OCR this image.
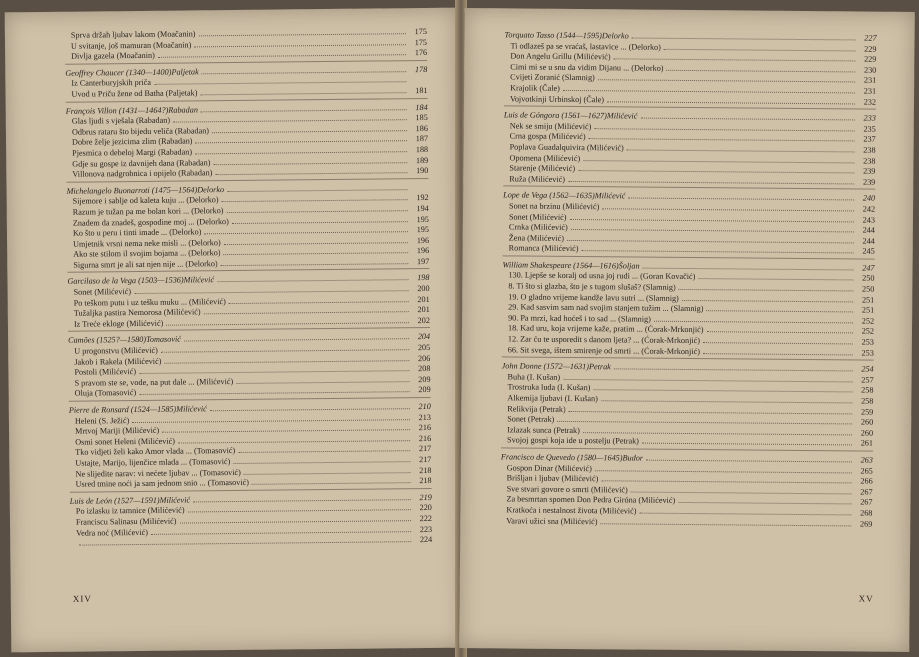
Sprva držah ljubav lakom (Moačanin)	175
U svitanje, još mamuran (Moačanin)	175
Divlja gazela (Moačanin)	176
Geoffrey Chaucer (1340—1400) Paljetak	178
Iz Canterburyjskih priča
Uvod u Priču žene od Batha (Paljetak)	181
François Villon (1431—1464?) Rabadan	184
Glas ljudi s vješala (Rabadan)	185
Odbrus rataru što bijedu veliča (Rabadan)	186
Dobre želje jezicima zlim (Rabadan)	187
Pjesmica o debeloj Margi (Rabadan)	188
Gdje su gospe iz davnijeh dana (Rabadan)	189
Villonova nadgrobnica i opijelo (Rabadan)	190
Michelangelo Buonarroti (1475—1564) Delorko
Sijemore i sablje od kaleta kuju ... (Delorko)	192
Razum je tužan pa me bolan kori ... (Delorko)	194
Znadem da znadeš, gospodine moj ... (Delorko)	195
Ko što u peru i tinti imade ... (Delorko)	195
Umjetnik vrsni nema neke misli ... (Delorko)	196
Ako ste stilom il svojim bojama ... (Delorko)	196
Sigurna smrt je ali sat njen nije ... (Delorko)	197
Garcilaso de la Vega (1503—1536) Milićević	198
Sonet (Milićević)	200
Po teškom putu i uz tešku muku ... (Milićević)	201
Tužaljka pastira Nemorosa (Milićević)	201
Iz Treće ekloge (Milićević)	202
Camões (1525?—1580) Tomasović	204
U progonstvu (Milićević)	205
Jakob i Rakela (Milićević)	206
Postoli (Milićević)	208
S pravom ste se, vode, na put dale ... (Milićević)	209
Oluja (Tomasović)	209
Pierre de Ronsard (1524—1585) Milićević	210
Heleni (S. Ježić)	213
Mrtvoj Mariji (Milićević)	216
Osmi sonet Heleni (Milićević)	216
Tko vidjeti želi kako Amor vlada ... (Tomasović)	217
Ustajte, Marijo, lijenčice mlada ... (Tomasović)	217
Ne slijedite narav: vi nećete ljubav ... (Tomasović)	218
Usred tmine noći ja sam jednom snio ... (Tomasović)	218
Luis de León (1527—1591) Milićević	219
Po izlasku iz tamnice (Milićević)	220
Franciscu Salinasu (Milićević)	222
Vedra noć (Milićević)	223
224
XIV
Torquato Tasso (1544—1595) Delorko	227
Ti odlazeš pa se vraćaš, lastavice ... (Delorko)	229
Don Angelu Grillu (Milićević)	229
Cimi mi se u snu da vidim Dijanu ... (Delorko)	230
Cvijeti Zoranić (Slamnig)	231
Krajolik (Čale)	231
Vojvotkinji Urbinskoj (Čale)	232
Luis de Góngora (1561—1627) Milićević	233
Nek se smiju (Milićević)	235
Crna gospa (Milićević)	237
Poplava Guadalquivira (Milićević)	238
Opomena (Milićević)	238
Starenje (Milićević)	239
Ruža (Milićević)	239
Lope de Vega (1562—1635) Milićević	240
Sonet na brzinu (Milićević)	242
Sonet (Milićević)	243
Crnka (Milićević)	244
Žena (Milićević)	244
Romanca (Milićević)	245
William Shakespeare (1564—1616) Šoljan	247
130. Ljepše se koralj od usna joj rudi ... (Goran Kovačić)	250
8. Ti što si glazba, što je s tugom slušaš? (Slamnig)	250
19. O gladno vrijeme kandže lavu sutri ... (Slamnig)	251
29. Kad sasvim sam nad svojim stanjem tužim ... (Slamnig)	251
90. Pa mrzi, kad hoćeš i to sad ... (Slamnig)	252
18. Kad uru, koja vrijeme kaže, pratim ... (Ćorak-Mrkonjić)	252
12. Zar ću te usporedit s danom ljeta? ... (Ćorak-Mrkonjić)	253
66. Sit svega, ištem smirenje od smrti ... (Ćorak-Mrkonjić)	253
John Donne (1572—1631) Petrak	254
Buha (I. Kušan)	257
Trostruka luda (I. Kušan)	258
Alkemija ljubavi (I. Kušan)	258
Relikvija (Petrak)	259
Sonet (Petrak)	260
Izlazak sunca (Petrak)	260
Svojoj gospi koja ide u postelju (Petrak)	261
Francisco de Quevedo (1580—1645) Budor	263
Gospon Dinar (Milićević)	265
Brišljan i ljubav (Milićević)	266
Sve stvari govore o smrti (Milićević)	267
Za besmrtan spomen Don Pedra Giróna (Milićević)	267
Kratkoća i nestalnost života (Milićević)	268
Varavi užici sna (Milićević)	269
XV
